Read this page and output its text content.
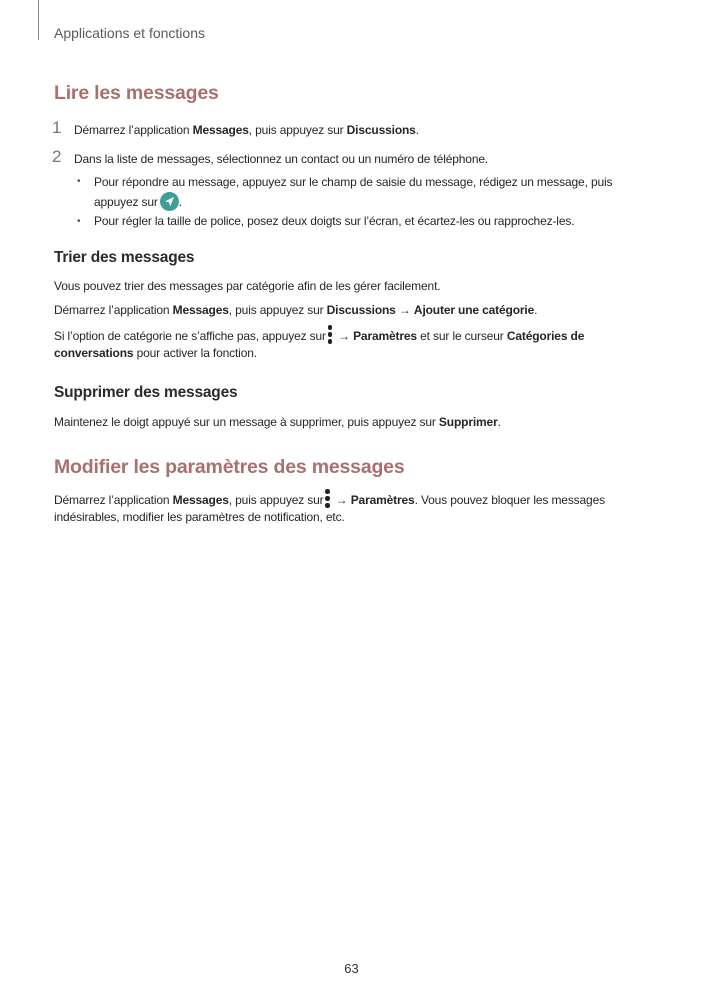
Applications et fonctions
Lire les messages
1 Démarrez l’application Messages, puis appuyez sur Discussions.
2 Dans la liste de messages, sélectionnez un contact ou un numéro de téléphone.
• Pour répondre au message, appuyez sur le champ de saisie du message, rédigez un message, puis
appuyez sur .
• Pour régler la taille de police, posez deux doigts sur l’écran, et écartez-les ou rapprochez-les.
Trier des messages
Vous pouvez trier des messages par catégorie afin de les gérer facilement.
Démarrez l’application Messages, puis appuyez sur Discussions → Ajouter une catégorie.
Si l’option de catégorie ne s’affiche pas, appuyez sur
→ Paramètres et sur le curseur Catégories de
conversations pour activer la fonction.
Supprimer des messages
Maintenez le doigt appuyé sur un message à supprimer, puis appuyez sur Supprimer.
Modifier les paramètres des messages
Démarrez l’application Messages, puis appuyez sur
→ Paramètres. Vous pouvez bloquer les messages
indésirables, modifier les paramètres de notification, etc.
63
